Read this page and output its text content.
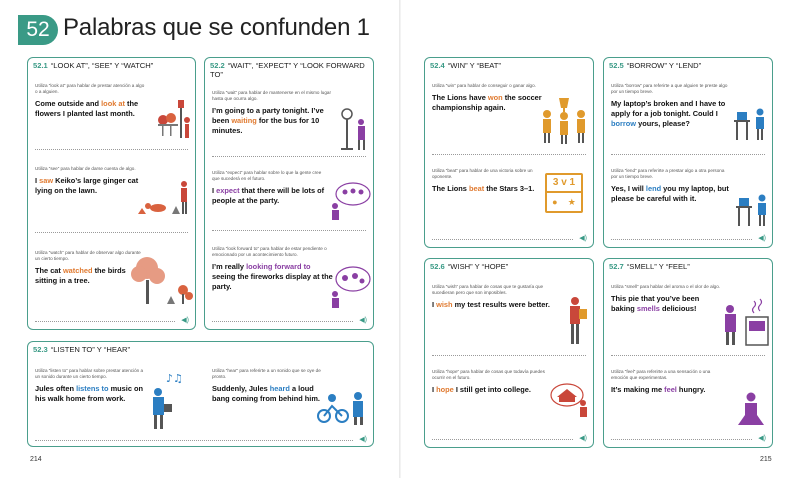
52 Palabras que se confunden 1
214	215
52.1 “LOOK AT”, “SEE” Y “WATCH”
Utiliza “look at” para hablar de prestar atención a algo o a alguien.
Come outside and look at the flowers I planted last month.
Utiliza “see” para hablar de darse cuenta de algo.
I saw Keiko’s large ginger cat lying on the lawn.
Utiliza “watch” para hablar de observar algo durante un cierto tiempo.
The cat watched the birds sitting in a tree.
◀)
52.2 “WAIT”, “EXPECT” Y “LOOK FORWARD TO”
Utiliza “wait” para hablar de mantenerse en el mismo lugar hasta que ocurra algo.
I’m going to a party tonight. I’ve been waiting for the bus for 10 minutes.
Utiliza “expect” para hablar sobre lo que la gente cree que sucederá en el futuro.
I expect that there will be lots of people at the party.
Utiliza “look forward to” para hablar de estar pendiente o emocionado por un acontecimiento futuro.
I’m really looking forward to seeing the fireworks display at the party.
◀)
52.3 “LISTEN TO” Y “HEAR”
Utiliza “listen to” para hablar sobre prestar atención a un sonido durante un cierto tiempo.
Jules often listens to music on his walk home from work.
♪♫
Utiliza “hear” para referirte a un sonido que se oye de pronto.
Suddenly, Jules heard a loud bang coming from behind him.
◀)
52.4 “WIN” Y “BEAT”
Utiliza “win” para hablar de conseguir o ganar algo.
The Lions have won the soccer championship again.
Utiliza “beat” para hablar de una victoria sobre un oponente.
The Lions beat the Stars 3–1.
3 v 1
● ★
◀)
52.5 “BORROW” Y “LEND”
Utiliza “borrow” para referirte a que alguien te preste algo por un tiempo breve.
My laptop’s broken and I have to apply for a job tonight. Could I borrow yours, please?
Utiliza “lend” para referirte a prestar algo a otra persona por un tiempo breve.
Yes, I will lend you my laptop, but please be careful with it.
◀)
52.6 “WISH” Y “HOPE”
Utiliza “wish” para hablar de cosas que te gustaría que sucedieran pero que son imposibles.
I wish my test results were better.
Utiliza “hope” para hablar de cosas que todavía puedes ocurrir en el futuro.
I hope I still get into college.
◀)
52.7 “SMELL” Y “FEEL”
Utiliza “smell” para hablar del aroma o el olor de algo.
This pie that you’ve been baking smells delicious!
Utiliza “feel” para referirte a una sensación o una emoción que experimentas.
It’s making me feel hungry.
◀)
